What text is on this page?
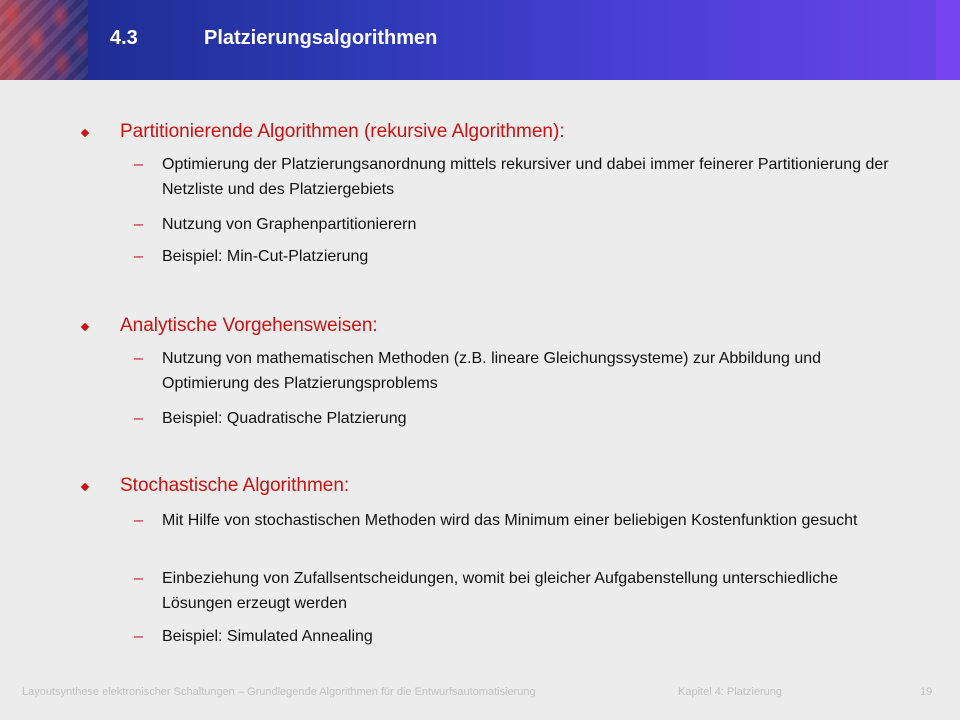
4.3	Platzierungsalgorithmen
Partitionierende Algorithmen (rekursive Algorithmen):
– Optimierung der Platzierungsanordnung mittels rekursiver und dabei immer feinerer Partitionierung der Netzliste und des Platziergebiets
– Nutzung von Graphenpartitionierern
– Beispiel: Min-Cut-Platzierung
Analytische Vorgehensweisen:
– Nutzung von mathematischen Methoden (z.B. lineare Gleichungssysteme) zur Abbildung und Optimierung des Platzierungsproblems
– Beispiel: Quadratische Platzierung
Stochastische Algorithmen:
– Mit Hilfe von stochastischen Methoden wird das Minimum einer beliebigen Kostenfunktion gesucht
– Einbeziehung von Zufallsentscheidungen, womit bei gleicher Aufgabenstellung unterschiedliche Lösungen erzeugt werden
– Beispiel: Simulated Annealing
Layoutsynthese elektronischer Schaltungen – Grundlegende Algorithmen für die Entwurfsautomatisierung	Kapitel 4: Platzierung	19
